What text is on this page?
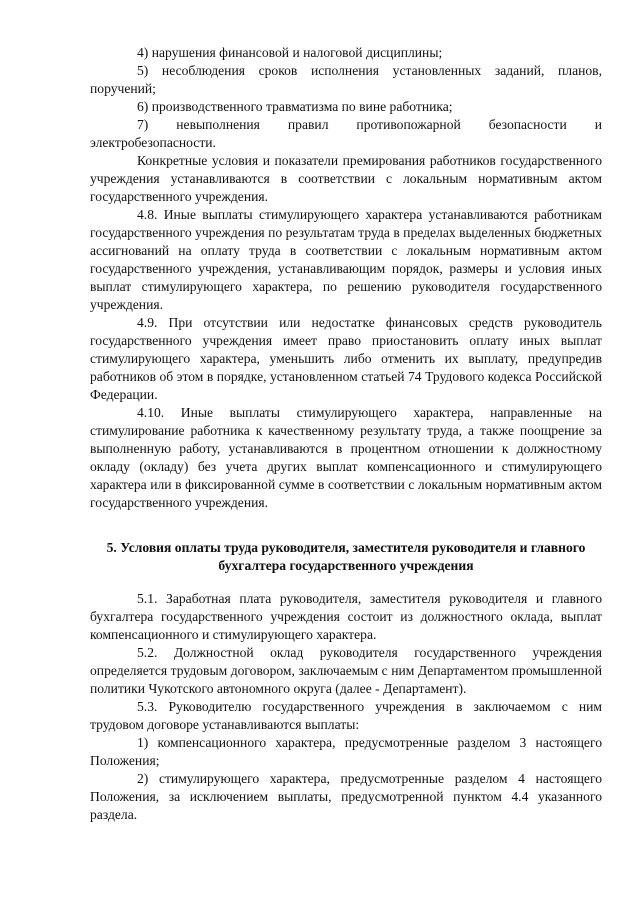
4) нарушения финансовой и налоговой дисциплины;

5) несоблюдения сроков исполнения установленных заданий, планов, поручений;

6) производственного травматизма по вине работника;

7) невыполнения правил противопожарной безопасности и электробезопасности.

Конкретные условия и показатели премирования работников государственного учреждения устанавливаются в соответствии с локальным нормативным актом государственного учреждения.

4.8. Иные выплаты стимулирующего характера устанавливаются работникам государственного учреждения по результатам труда в пределах выделенных бюджетных ассигнований на оплату труда в соответствии с локальным нормативным актом государственного учреждения, устанавливающим порядок, размеры и условия иных выплат стимулирующего характера, по решению руководителя государственного учреждения.

4.9. При отсутствии или недостатке финансовых средств руководитель государственного учреждения имеет право приостановить оплату иных выплат стимулирующего характера, уменьшить либо отменить их выплату, предупредив работников об этом в порядке, установленном статьей 74 Трудового кодекса Российской Федерации.

4.10. Иные выплаты стимулирующего характера, направленные на стимулирование работника к качественному результату труда, а также поощрение за выполненную работу, устанавливаются в процентном отношении к должностному окладу (окладу) без учета других выплат компенсационного и стимулирующего характера или в фиксированной сумме в соответствии с локальным нормативным актом государственного учреждения.

5. Условия оплаты труда руководителя, заместителя руководителя и главного бухгалтера государственного учреждения

5.1. Заработная плата руководителя, заместителя руководителя и главного бухгалтера государственного учреждения состоит из должностного оклада, выплат компенсационного и стимулирующего характера.

5.2. Должностной оклад руководителя государственного учреждения определяется трудовым договором, заключаемым с ним Департаментом промышленной политики Чукотского автономного округа (далее - Департамент).

5.3. Руководителю государственного учреждения в заключаемом с ним трудовом договоре устанавливаются выплаты:

1) компенсационного характера, предусмотренные разделом 3 настоящего Положения;

2) стимулирующего характера, предусмотренные разделом 4 настоящего Положения, за исключением выплаты, предусмотренной пунктом 4.4 указанного раздела.
